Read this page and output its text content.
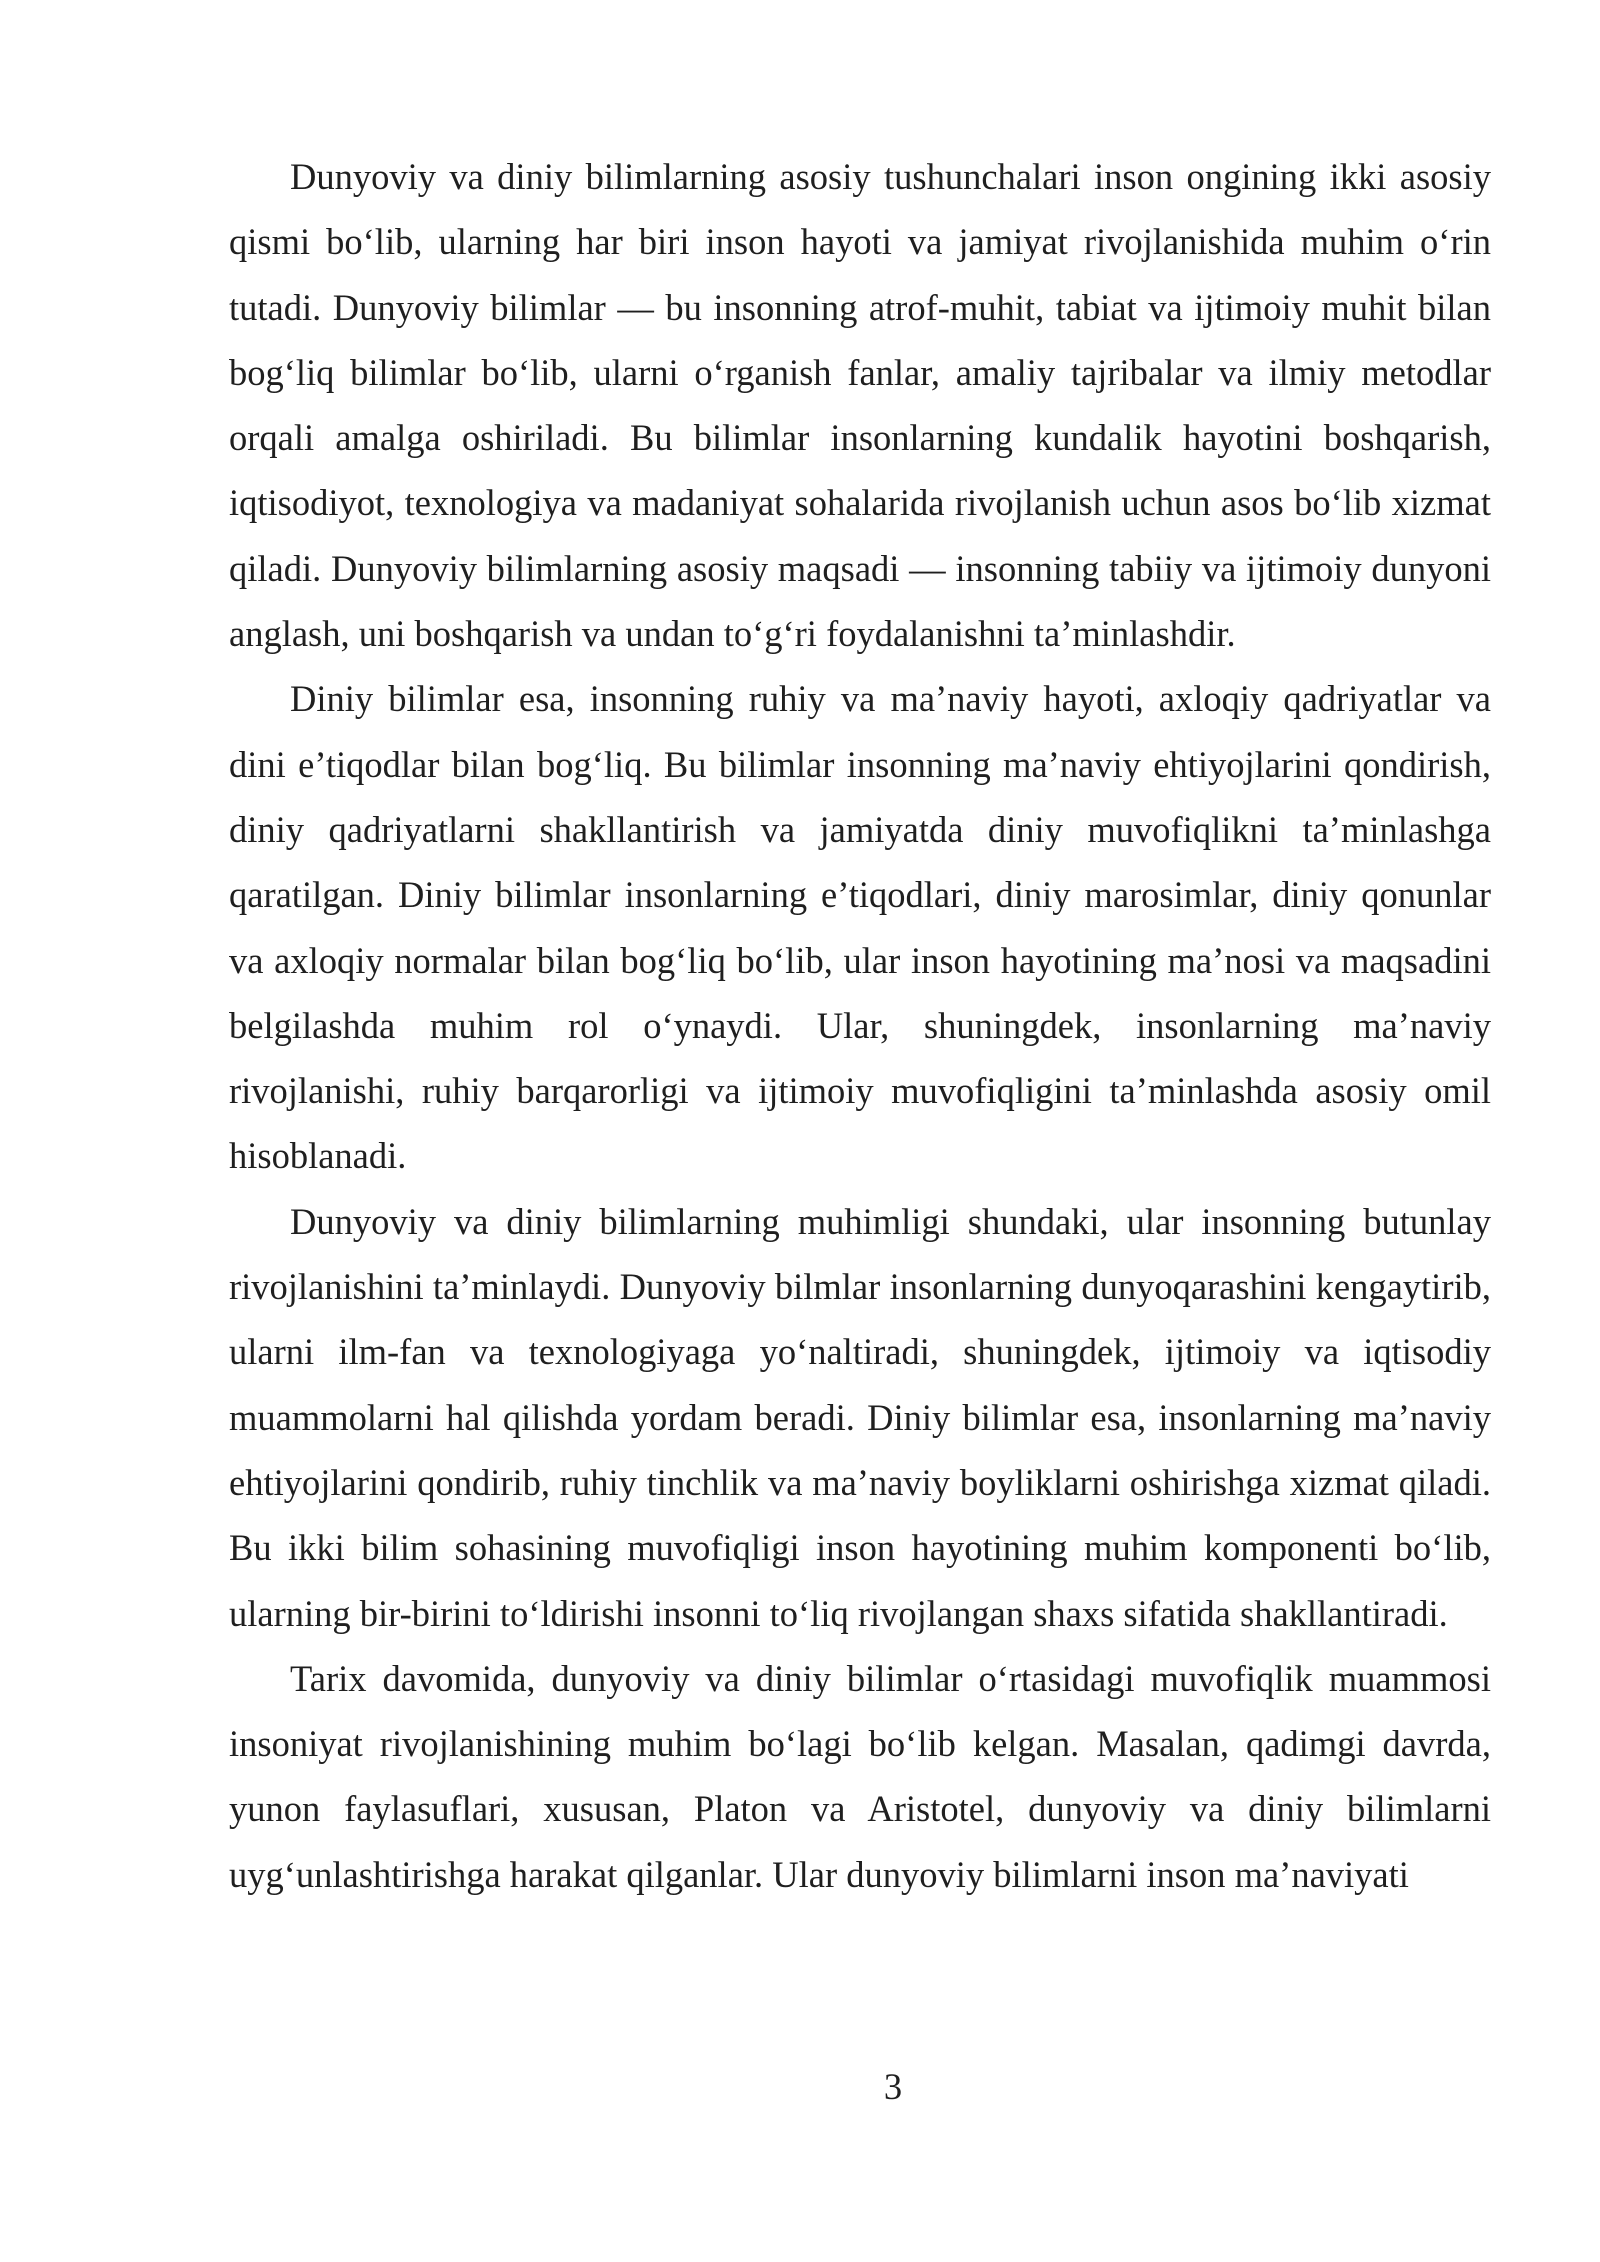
Dunyoviy va diniy bilimlarning asosiy tushunchalari inson ongining ikki asosiy qismi bo‘lib, ularning har biri inson hayoti va jamiyat rivojlanishida muhim o‘rin tutadi. Dunyoviy bilimlar — bu insonning atrof-muhit, tabiat va ijtimoiy muhit bilan bog‘liq bilimlar bo‘lib, ularni o‘rganish fanlar, amaliy tajribalar va ilmiy metodlar orqali amalga oshiriladi. Bu bilimlar insonlarning kundalik hayotini boshqarish, iqtisodiyot, texnologiya va madaniyat sohalarida rivojlanish uchun asos bo‘lib xizmat qiladi. Dunyoviy bilimlarning asosiy maqsadi — insonning tabiiy va ijtimoiy dunyoni anglash, uni boshqarish va undan to‘g‘ri foydalanishni ta’minlashdir.

Diniy bilimlar esa, insonning ruhiy va ma’naviy hayoti, axloqiy qadriyatlar va dini e’tiqodlar bilan bog‘liq. Bu bilimlar insonning ma’naviy ehtiyojlarini qondirish, diniy qadriyatlarni shakllantirish va jamiyatda diniy muvofiqlikni ta’minlashga qaratilgan. Diniy bilimlar insonlarning e’tiqodlari, diniy marosimlar, diniy qonunlar va axloqiy normalar bilan bog‘liq bo‘lib, ular inson hayotining ma’nosi va maqsadini belgilashda muhim rol o‘ynaydi. Ular, shuningdek, insonlarning ma’naviy rivojlanishi, ruhiy barqarorligi va ijtimoiy muvofiqligini ta’minlashda asosiy omil hisoblanadi.

Dunyoviy va diniy bilimlarning muhimligi shundaki, ular insonning butunlay rivojlanishini ta’minlaydi. Dunyoviy bilmlar insonlarning dunyoqarashini kengaytirib, ularni ilm-fan va texnologiyaga yo‘naltiradi, shuningdek, ijtimoiy va iqtisodiy muammolarni hal qilishda yordam beradi. Diniy bilimlar esa, insonlarning ma’naviy ehtiyojlarini qondirib, ruhiy tinchlik va ma’naviy boyliklarni oshirishga xizmat qiladi. Bu ikki bilim sohasining muvofiqligi inson hayotining muhim komponenti bo‘lib, ularning bir-birini to‘ldirishi insonni to‘liq rivojlangan shaxs sifatida shakllantiradi.

Tarix davomida, dunyoviy va diniy bilimlar o‘rtasidagi muvofiqlik muammosi insoniyat rivojlanishining muhim bo‘lagi bo‘lib kelgan. Masalan, qadimgi davrda, yunon faylasuflari, xususan, Platon va Aristotel, dunyoviy va diniy bilimlarni uyg‘unlashtirishga harakat qilganlar. Ular dunyoviy bilimlarni inson ma’naviyati

3
